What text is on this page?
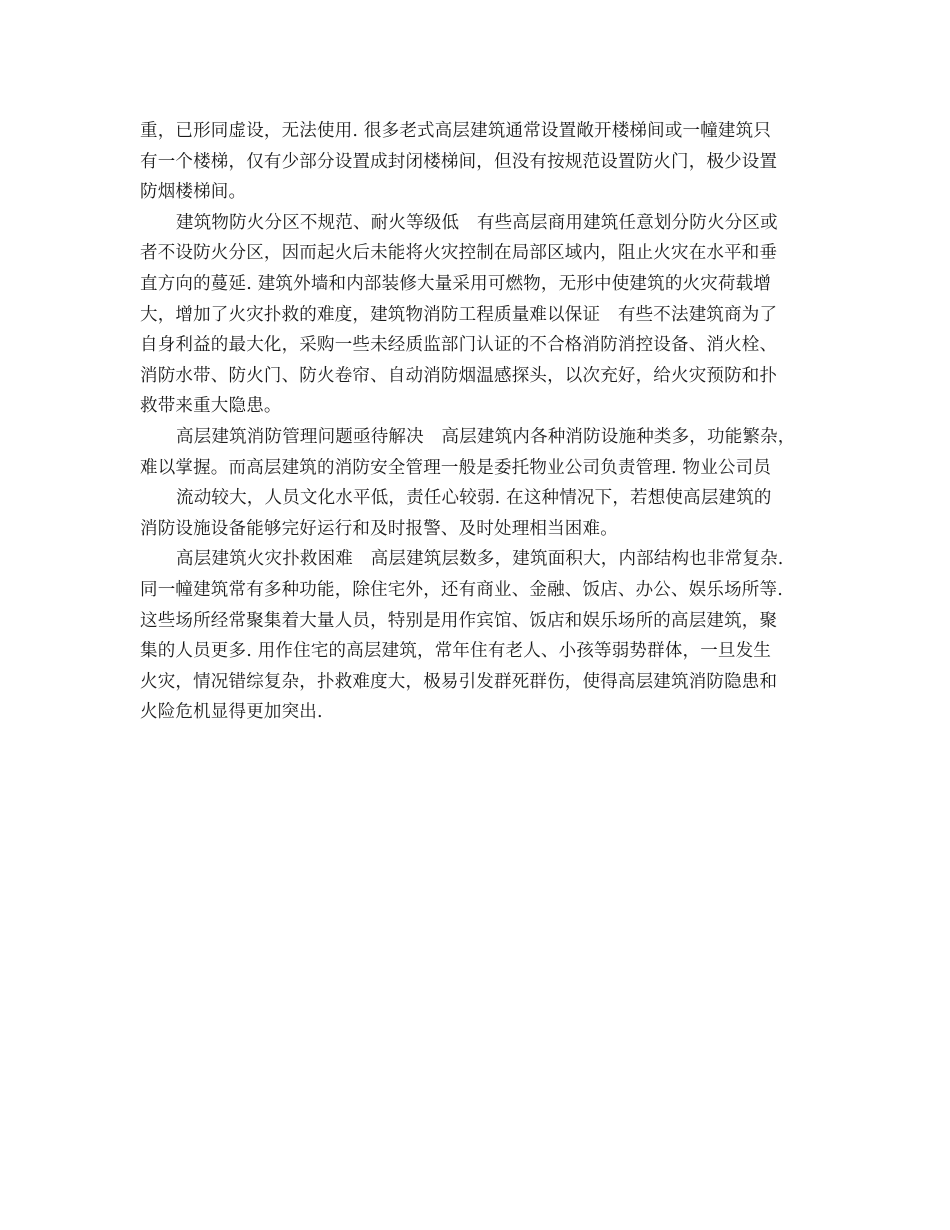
重，已形同虚设，无法使用. 很多老式高层建筑通常设置敞开楼梯间或一幢建筑只
有一个楼梯，仅有少部分设置成封闭楼梯间，但没有按规范设置防火门，极少设置
防烟楼梯间。
建筑物防火分区不规范、耐火等级低　有些高层商用建筑任意划分防火分区或
者不设防火分区，因而起火后未能将火灾控制在局部区域内，阻止火灾在水平和垂
直方向的蔓延. 建筑外墙和内部装修大量采用可燃物，无形中使建筑的火灾荷载增
大，增加了火灾扑救的难度，建筑物消防工程质量难以保证　有些不法建筑商为了
自身利益的最大化，采购一些未经质监部门认证的不合格消防消控设备、消火栓、
消防水带、防火门、防火卷帘、自动消防烟温感探头，以次充好，给火灾预防和扑
救带来重大隐患。
高层建筑消防管理问题亟待解决　高层建筑内各种消防设施种类多，功能繁杂，
难以掌握。而高层建筑的消防安全管理一般是委托物业公司负责管理. 物业公司员
流动较大，人员文化水平低，责任心较弱. 在这种情况下，若想使高层建筑的
消防设施设备能够完好运行和及时报警、及时处理相当困难。
高层建筑火灾扑救困难　高层建筑层数多，建筑面积大，内部结构也非常复杂.
同一幢建筑常有多种功能，除住宅外，还有商业、金融、饭店、办公、娱乐场所等.
这些场所经常聚集着大量人员，特别是用作宾馆、饭店和娱乐场所的高层建筑，聚
集的人员更多. 用作住宅的高层建筑，常年住有老人、小孩等弱势群体，一旦发生
火灾，情况错综复杂，扑救难度大，极易引发群死群伤，使得高层建筑消防隐患和
火险危机显得更加突出.
